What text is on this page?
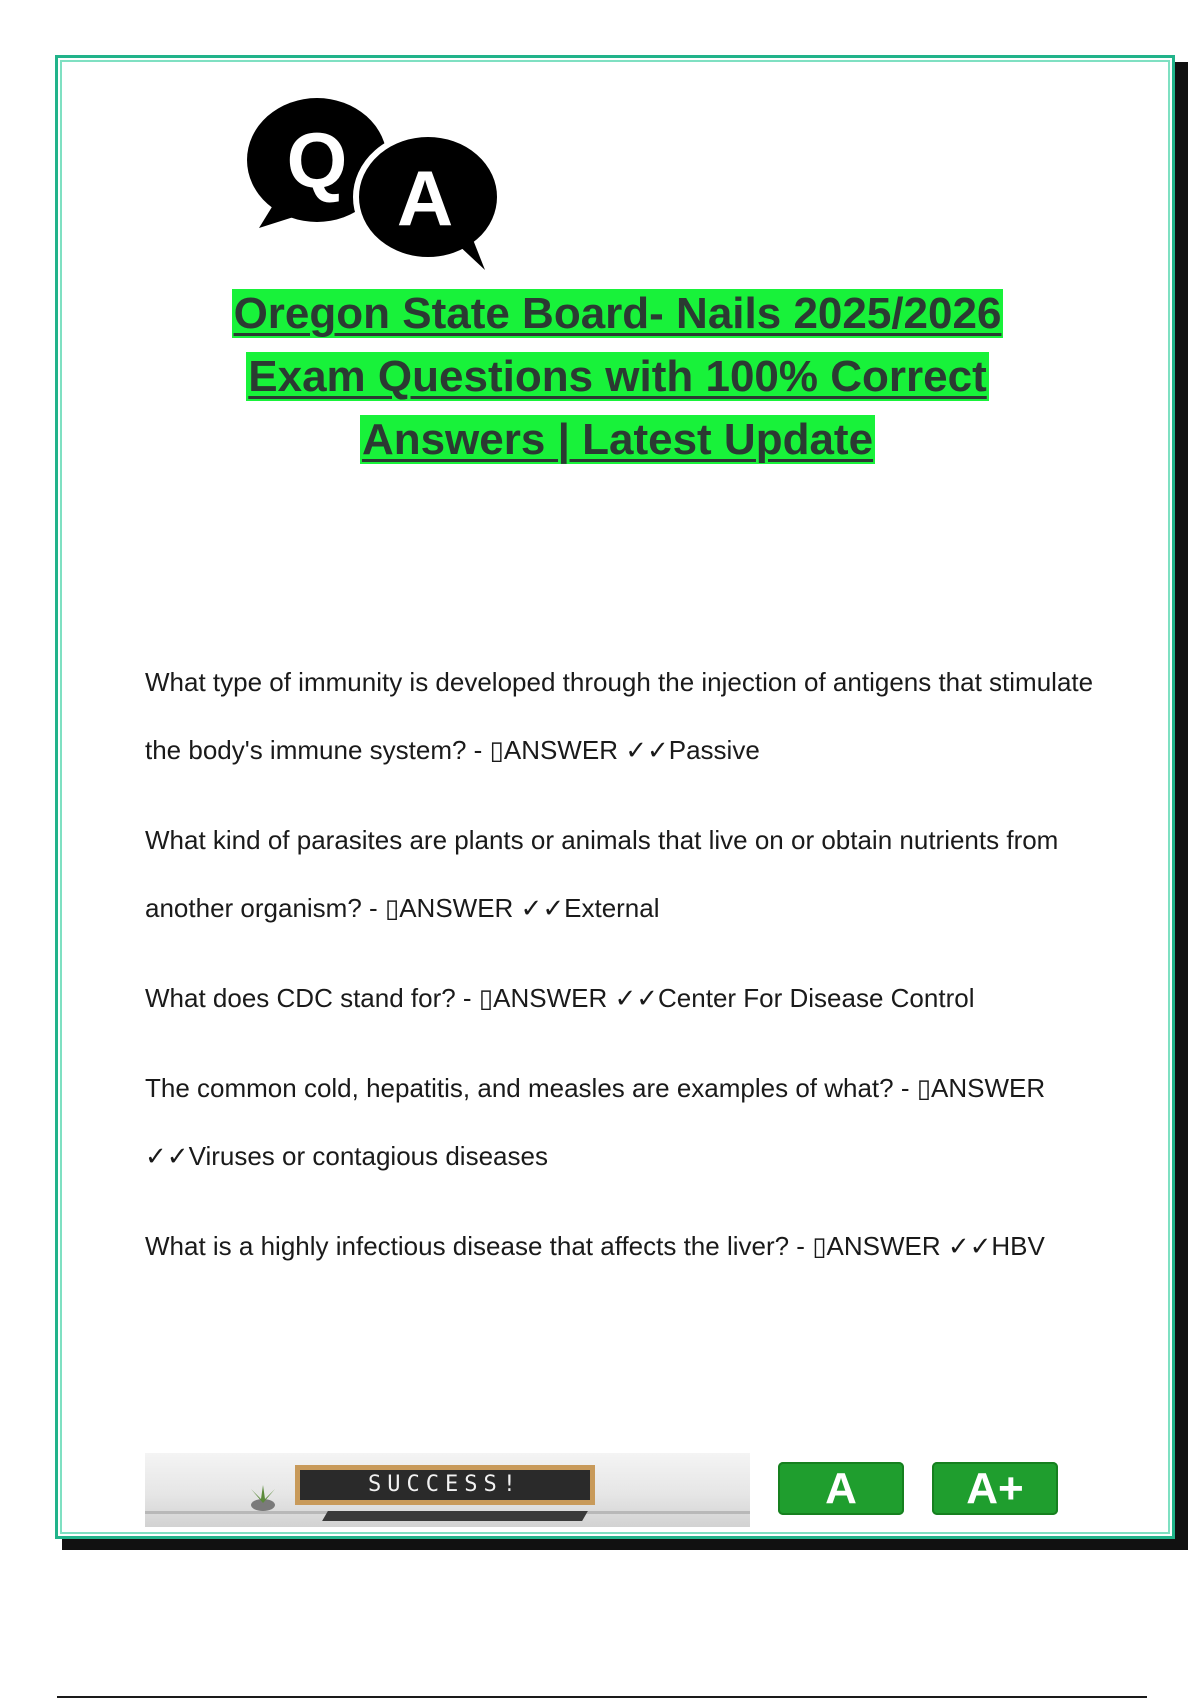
Q A
Oregon State Board- Nails 2025/2026
Exam Questions with 100% Correct
Answers | Latest Update

What type of immunity is developed through the injection of antigens that stimulate the body's immune system? - ▯ANSWER ✓✓Passive

What kind of parasites are plants or animals that live on or obtain nutrients from another organism? - ▯ANSWER ✓✓External

What does CDC stand for? - ▯ANSWER ✓✓Center For Disease Control

The common cold, hepatitis, and measles are examples of what? - ▯ANSWER ✓✓Viruses or contagious diseases

What is a highly infectious disease that affects the liver? - ▯ANSWER ✓✓HBV

SUCCESS!	A	A+
